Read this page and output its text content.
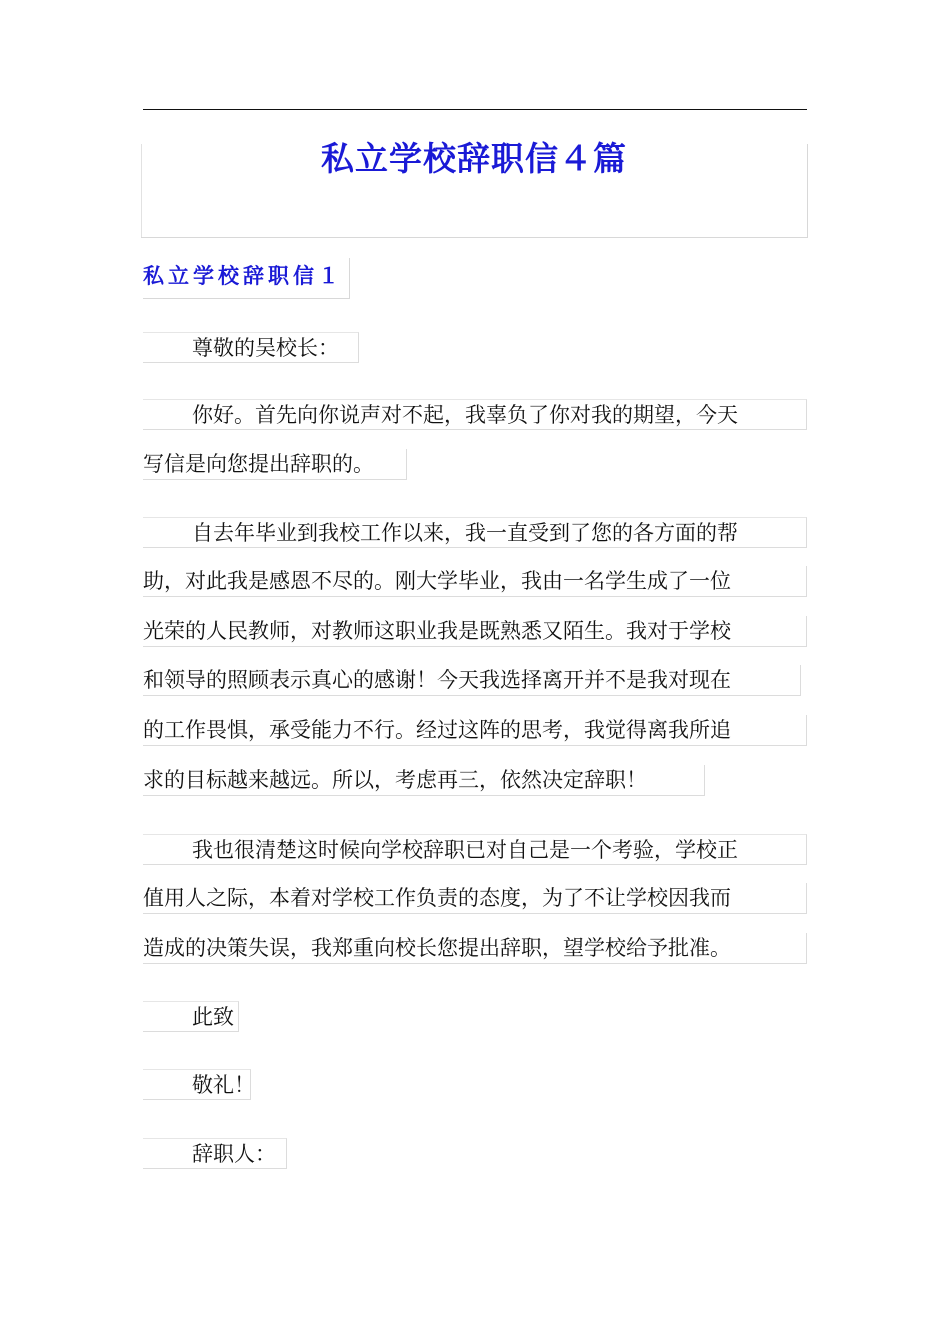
私立学校辞职信４篇
私立学校辞职信１
尊敬的吴校长：
你好。首先向你说声对不起，我辜负了你对我的期望，今天
写信是向您提出辞职的。
自去年毕业到我校工作以来，我一直受到了您的各方面的帮
助，对此我是感恩不尽的。刚大学毕业，我由一名学生成了一位
光荣的人民教师，对教师这职业我是既熟悉又陌生。我对于学校
和领导的照顾表示真心的感谢！今天我选择离开并不是我对现在
的工作畏惧，承受能力不行。经过这阵的思考，我觉得离我所追
求的目标越来越远。所以，考虑再三，依然决定辞职！
我也很清楚这时候向学校辞职已对自己是一个考验，学校正
值用人之际，本着对学校工作负责的态度，为了不让学校因我而
造成的决策失误，我郑重向校长您提出辞职，望学校给予批准。
此致
敬礼！
辞职人：
